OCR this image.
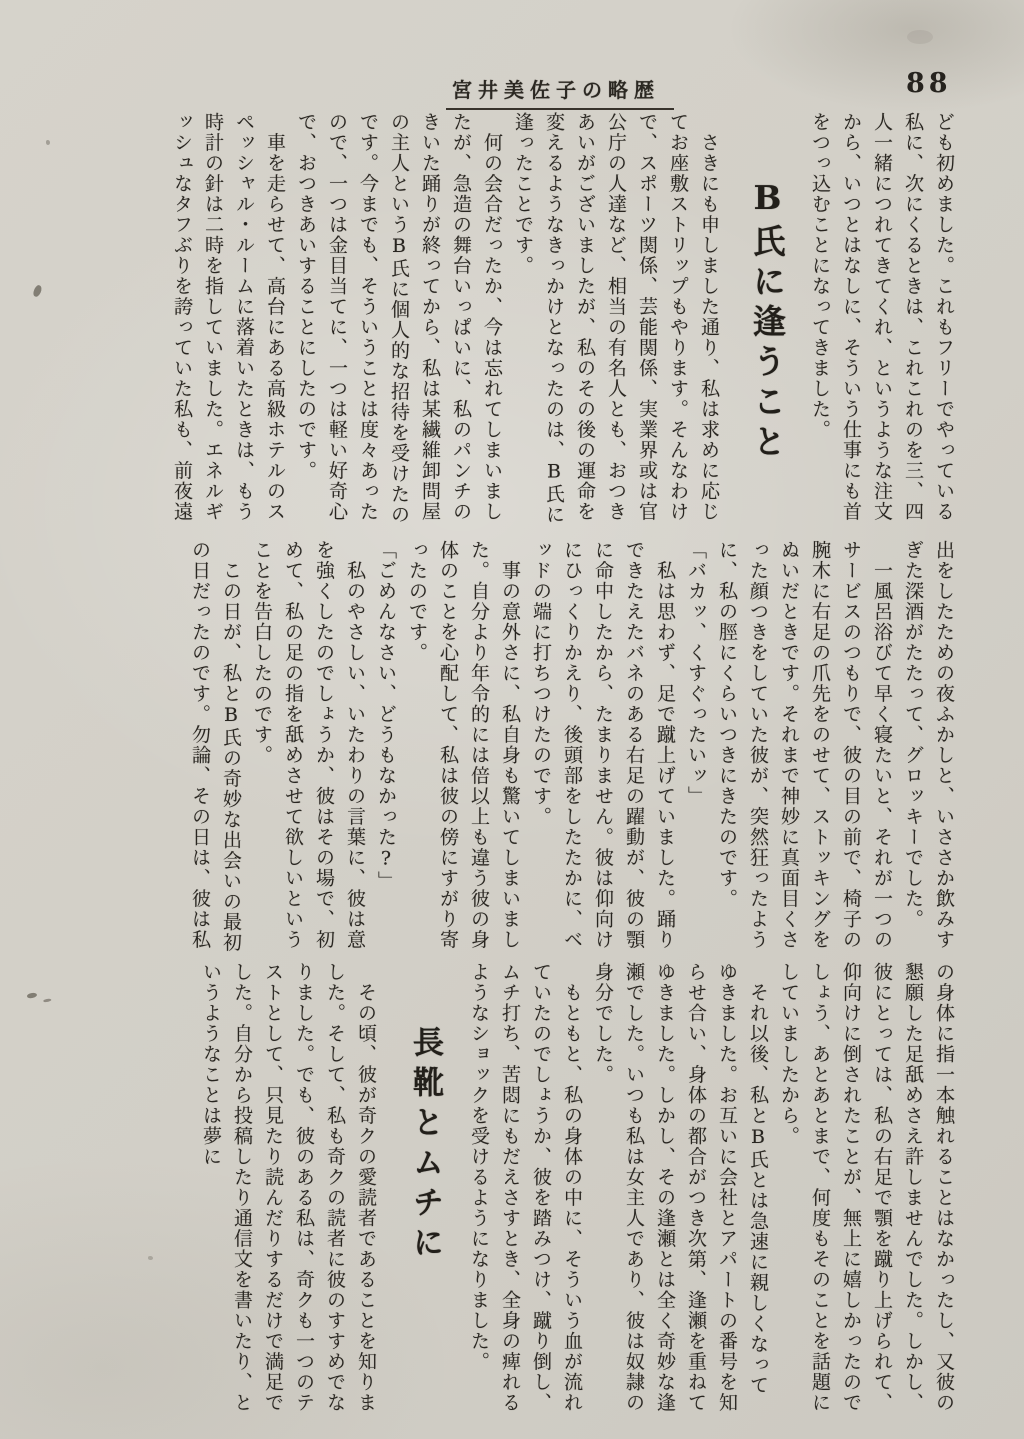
宮井美佐子の略歴	88

ども初めました。これもフリーでやっている私に、次にくるときは、これこれのを三、四人一緒につれてきてくれ、というような注文から、いつとはなしに、そういう仕事にも首をつっ込むことになってきました。

B氏に逢うこと

　さきにも申しました通り、私は求めに応じてお座敷ストリップもやります。そんなわけで、スポーツ関係、芸能関係、実業界或は官公庁の人達など、相当の有名人とも、おつきあいがございましたが、私のその後の運命を変えるようなきっかけとなったのは、B氏に逢ったことです。

　何の会合だったか、今は忘れてしまいましたが、急造の舞台いっぱいに、私のパンチのきいた踊りが終ってから、私は某繊維卸問屋の主人というB氏に個人的な招待を受けたのです。今までも、そういうことは度々あったので、一つは金目当てに、一つは軽い好奇心で、おつきあいすることにしたのです。

　車を走らせて、高台にある高級ホテルのスペッシャル・ルームに落着いたときは、もう時計の針は二時を指していました。エネルギッシュなタフぶりを誇っていた私も、前夜遠

出をしたための夜ふかしと、いささか飲みすぎた深酒がたたって、グロッキーでした。

　一風呂浴びて早く寝たいと、それが一つのサービスのつもりで、彼の目の前で、椅子の腕木に右足の爪先をのせて、ストッキングをぬいだときです。それまで神妙に真面目くさった顔つきをしていた彼が、突然狂ったように、私の脛にくらいつきにきたのです。

「バカッ、くすぐったいッ」

　私は思わず、足で蹴上げていました。踊りできたえたバネのある右足の躍動が、彼の顎に命中したから、たまりません。彼は仰向けにひっくりかえり、後頭部をしたたかに、ベッドの端に打ちつけたのです。

　事の意外さに、私自身も驚いてしまいました。自分より年令的には倍以上も違う彼の身体のことを心配して、私は彼の傍にすがり寄ったのです。

「ごめんなさい、どうもなかった?」

　私のやさしい、いたわりの言葉に、彼は意を強くしたのでしょうか、彼はその場で、初めて、私の足の指を舐めさせて欲しいということを告白したのです。

　この日が、私とB氏の奇妙な出会いの最初の日だったのです。勿論、その日は、彼は私

の身体に指一本触れることはなかったし、又彼の懇願した足舐めさえ許しませんでした。しかし、彼にとっては、私の右足で顎を蹴り上げられて、仰向けに倒されたことが、無上に嬉しかったのでしょう、あとあとまで、何度もそのことを話題にしていましたから。

　それ以後、私とB氏とは急速に親しくなってゆきました。お互いに会社とアパートの番号を知らせ合い、身体の都合がつき次第、逢瀬を重ねてゆきました。しかし、その逢瀬とは全く奇妙な逢瀬でした。いつも私は女主人であり、彼は奴隷の身分でした。

　もともと、私の身体の中に、そういう血が流れていたのでしょうか、彼を踏みつけ、蹴り倒し、ムチ打ち、苦悶にもだえさすとき、全身の痺れるようなショックを受けるようになりました。

長靴とムチに

　その頃、彼が奇クの愛読者であることを知りました。そして、私も奇クの読者に彼のすすめでなりました。でも、彼のある私は、奇クも一つのテストとして、只見たり読んだりするだけで満足でした。自分から投稿したり通信文を書いたり、というようなことは夢に
